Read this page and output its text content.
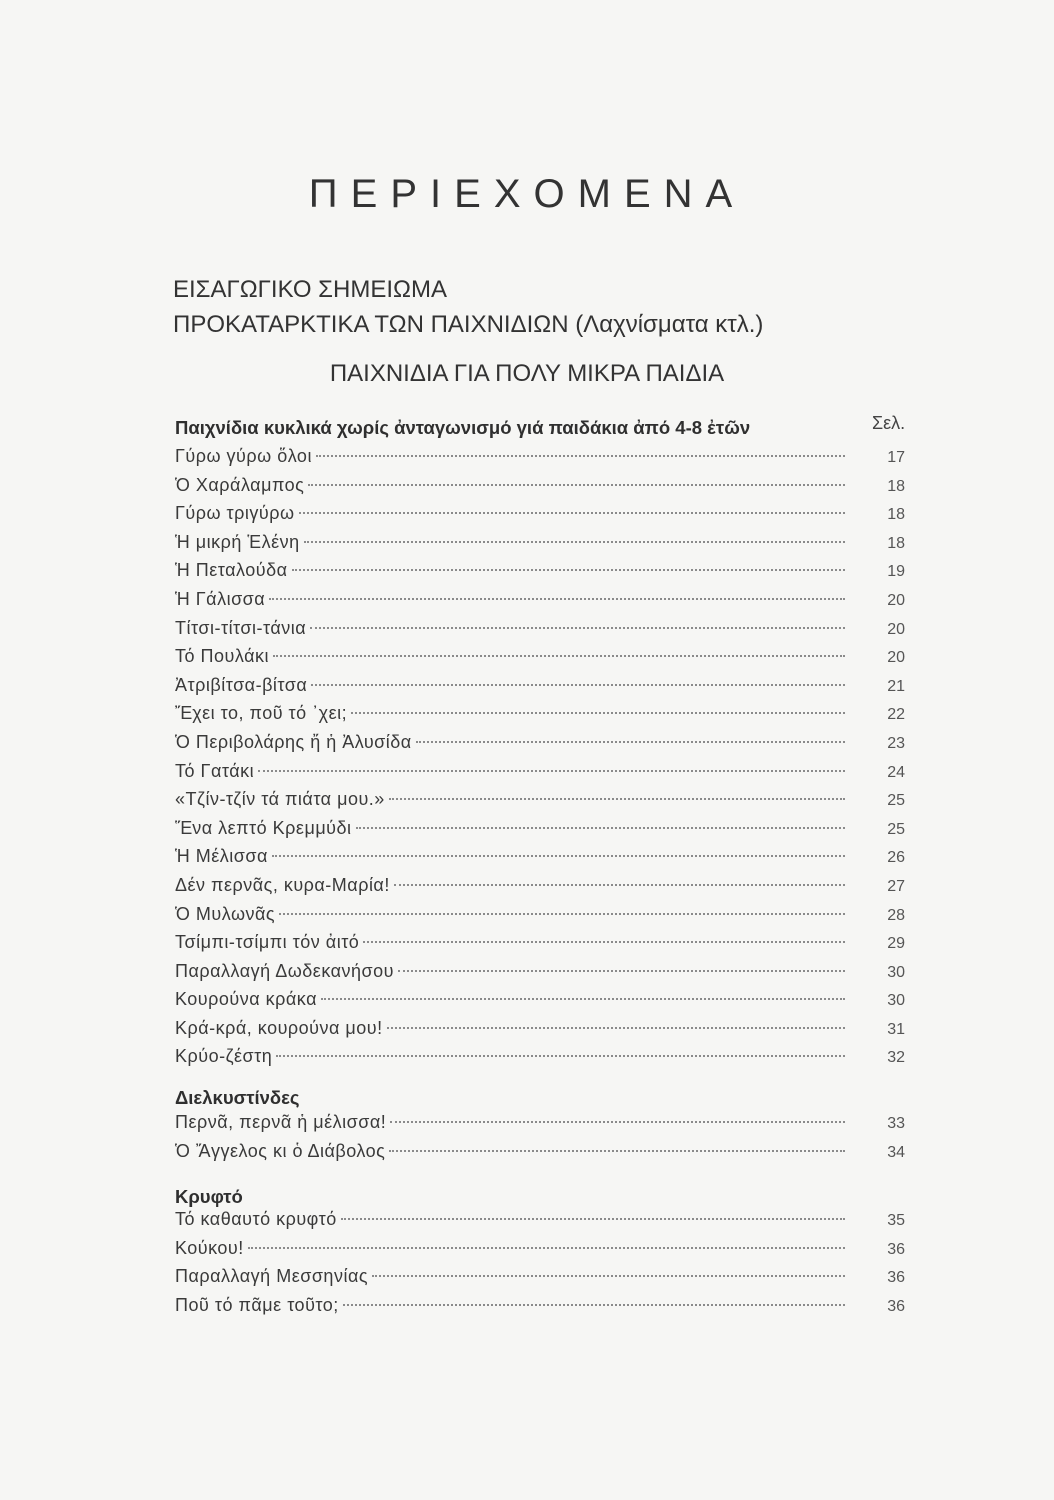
ΠΕΡΙΕΧΟΜΕΝΑ
ΕΙΣΑΓΩΓΙΚΟ ΣΗΜΕΙΩΜΑ
ΠΡΟΚΑΤΑΡΚΤΙΚΑ ΤΩΝ ΠΑΙΧΝΙΔΙΩΝ (Λαχνίσματα κτλ.)
ΠΑΙΧΝΙΔΙΑ ΓΙΑ ΠΟΛΥ ΜΙΚΡΑ ΠΑΙΔΙΑ
Σελ.
Παιχνίδια κυκλικά χωρίς ἀνταγωνισμό γιά παιδάκια ἀπό 4-8 ἐτῶν
Γύρω γύρω ὅλοι	17
Ὁ Χαράλαμπος	18
Γύρω τριγύρω	18
Ἡ μικρή Ἑλένη	18
Ἡ Πεταλούδα	19
Ἡ Γάλισσα	20
Τίτσι-τίτσι-τάνια	20
Τό Πουλάκι	20
Ἀτριβίτσα-βίτσα	21
Ἔχει το, ποῦ τό ᾿χει;	22
Ὁ Περιβολάρης ἤ ἡ Ἀλυσίδα	23
Τό Γατάκι	24
«Τζίν-τζίν τά πιάτα μου.»	25
Ἕνα λεπτό Κρεμμύδι	25
Ἡ Μέλισσα	26
Δέν περνᾶς, κυρα-Μαρία!	27
Ὁ Μυλωνᾶς	28
Τσίμπι-τσίμπι τόν ἀιτό	29
Παραλλαγή Δωδεκανήσου	30
Κουρούνα κράκα	30
Κρά-κρά, κουρούνα μου!	31
Κρύο-ζέστη	32
Διελκυστίνδες
Περνᾶ, περνᾶ ἡ μέλισσα!	33
Ὁ Ἄγγελος κι ὁ Διάβολος	34
Κρυφτό
Τό καθαυτό κρυφτό	35
Κούκου!	36
Παραλλαγή Μεσσηνίας	36
Ποῦ τό πᾶμε τοῦτο;	36
